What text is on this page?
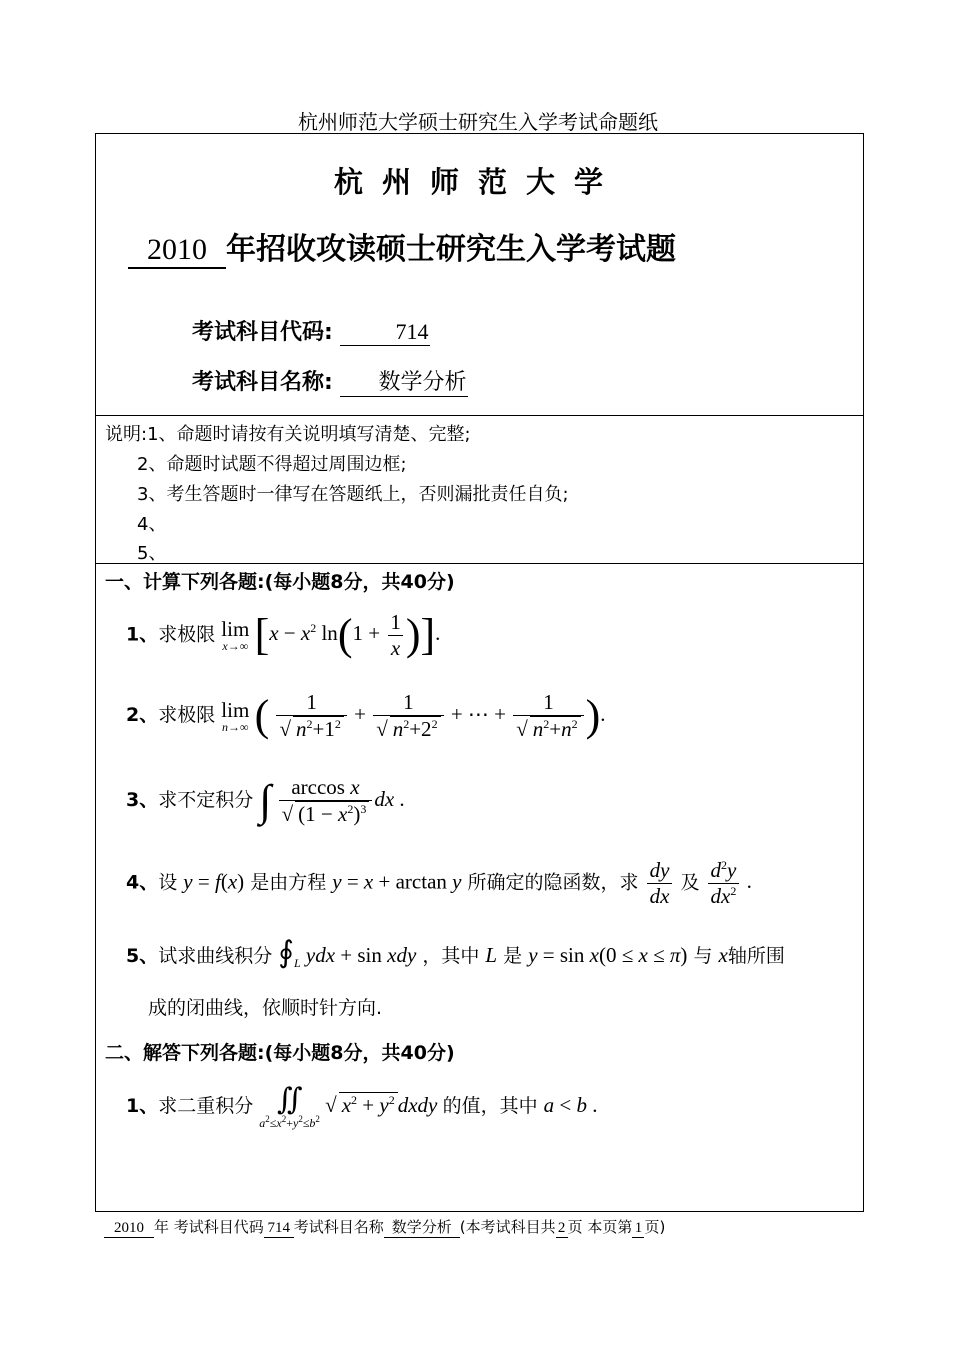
杭州师范大学硕士研究生入学考试命题纸
杭州师范大学
2010 年招收攻读硕士研究生入学考试题
考试科目代码:	714
考试科目名称: 数学分析
说明:1、命题时请按有关说明填写清楚、完整;
2、命题时试题不得超过周围边框;
3、考生答题时一律写在答题纸上，否则漏批责任自负;
4、
5、
一、计算下列各题:(每小题8分，共40分)
1、求极限 lim
x→∞ [$x - x^2$ $\ln(1 + \frac{1}{x}$ )].
2、求极限 lim
n→∞ ( $\frac{1}{√ n^2+1^2} + \frac{1}{√ n^2+2^2}$ + ⋯ + $\frac{1}{√ n^2+n^2}$ ).
3、求不定积分 ∫ $\frac{\text{arccos x}}{√ (1 - x^2)^3}$ dx .
4、设 y = f(x) 是由方程 y = x + arctan y 所确定的隐函数，求 $\frac{dy}{dx}$ 及 $\frac{d^2y}{dx^2}$ .
5、试求曲线积分 $∮_L$ ydx + sin xdy ，其中 L 是 y = sin x(0 ≤ x ≤ π) 与 x轴所围
成的闭曲线，依顺时针方向.
二、解答下列各题:(每小题8分，共40分)
1、求二重积分 ∬
$a^2\le x^2+y^2\le b^2$
√ $x^2 + y^2$ dxdy 的值，其中 a < b .
2010 年 考试科目代码 714 考试科目名称 数学分析 (本考试科目共 2 页 本页第 1 页)
